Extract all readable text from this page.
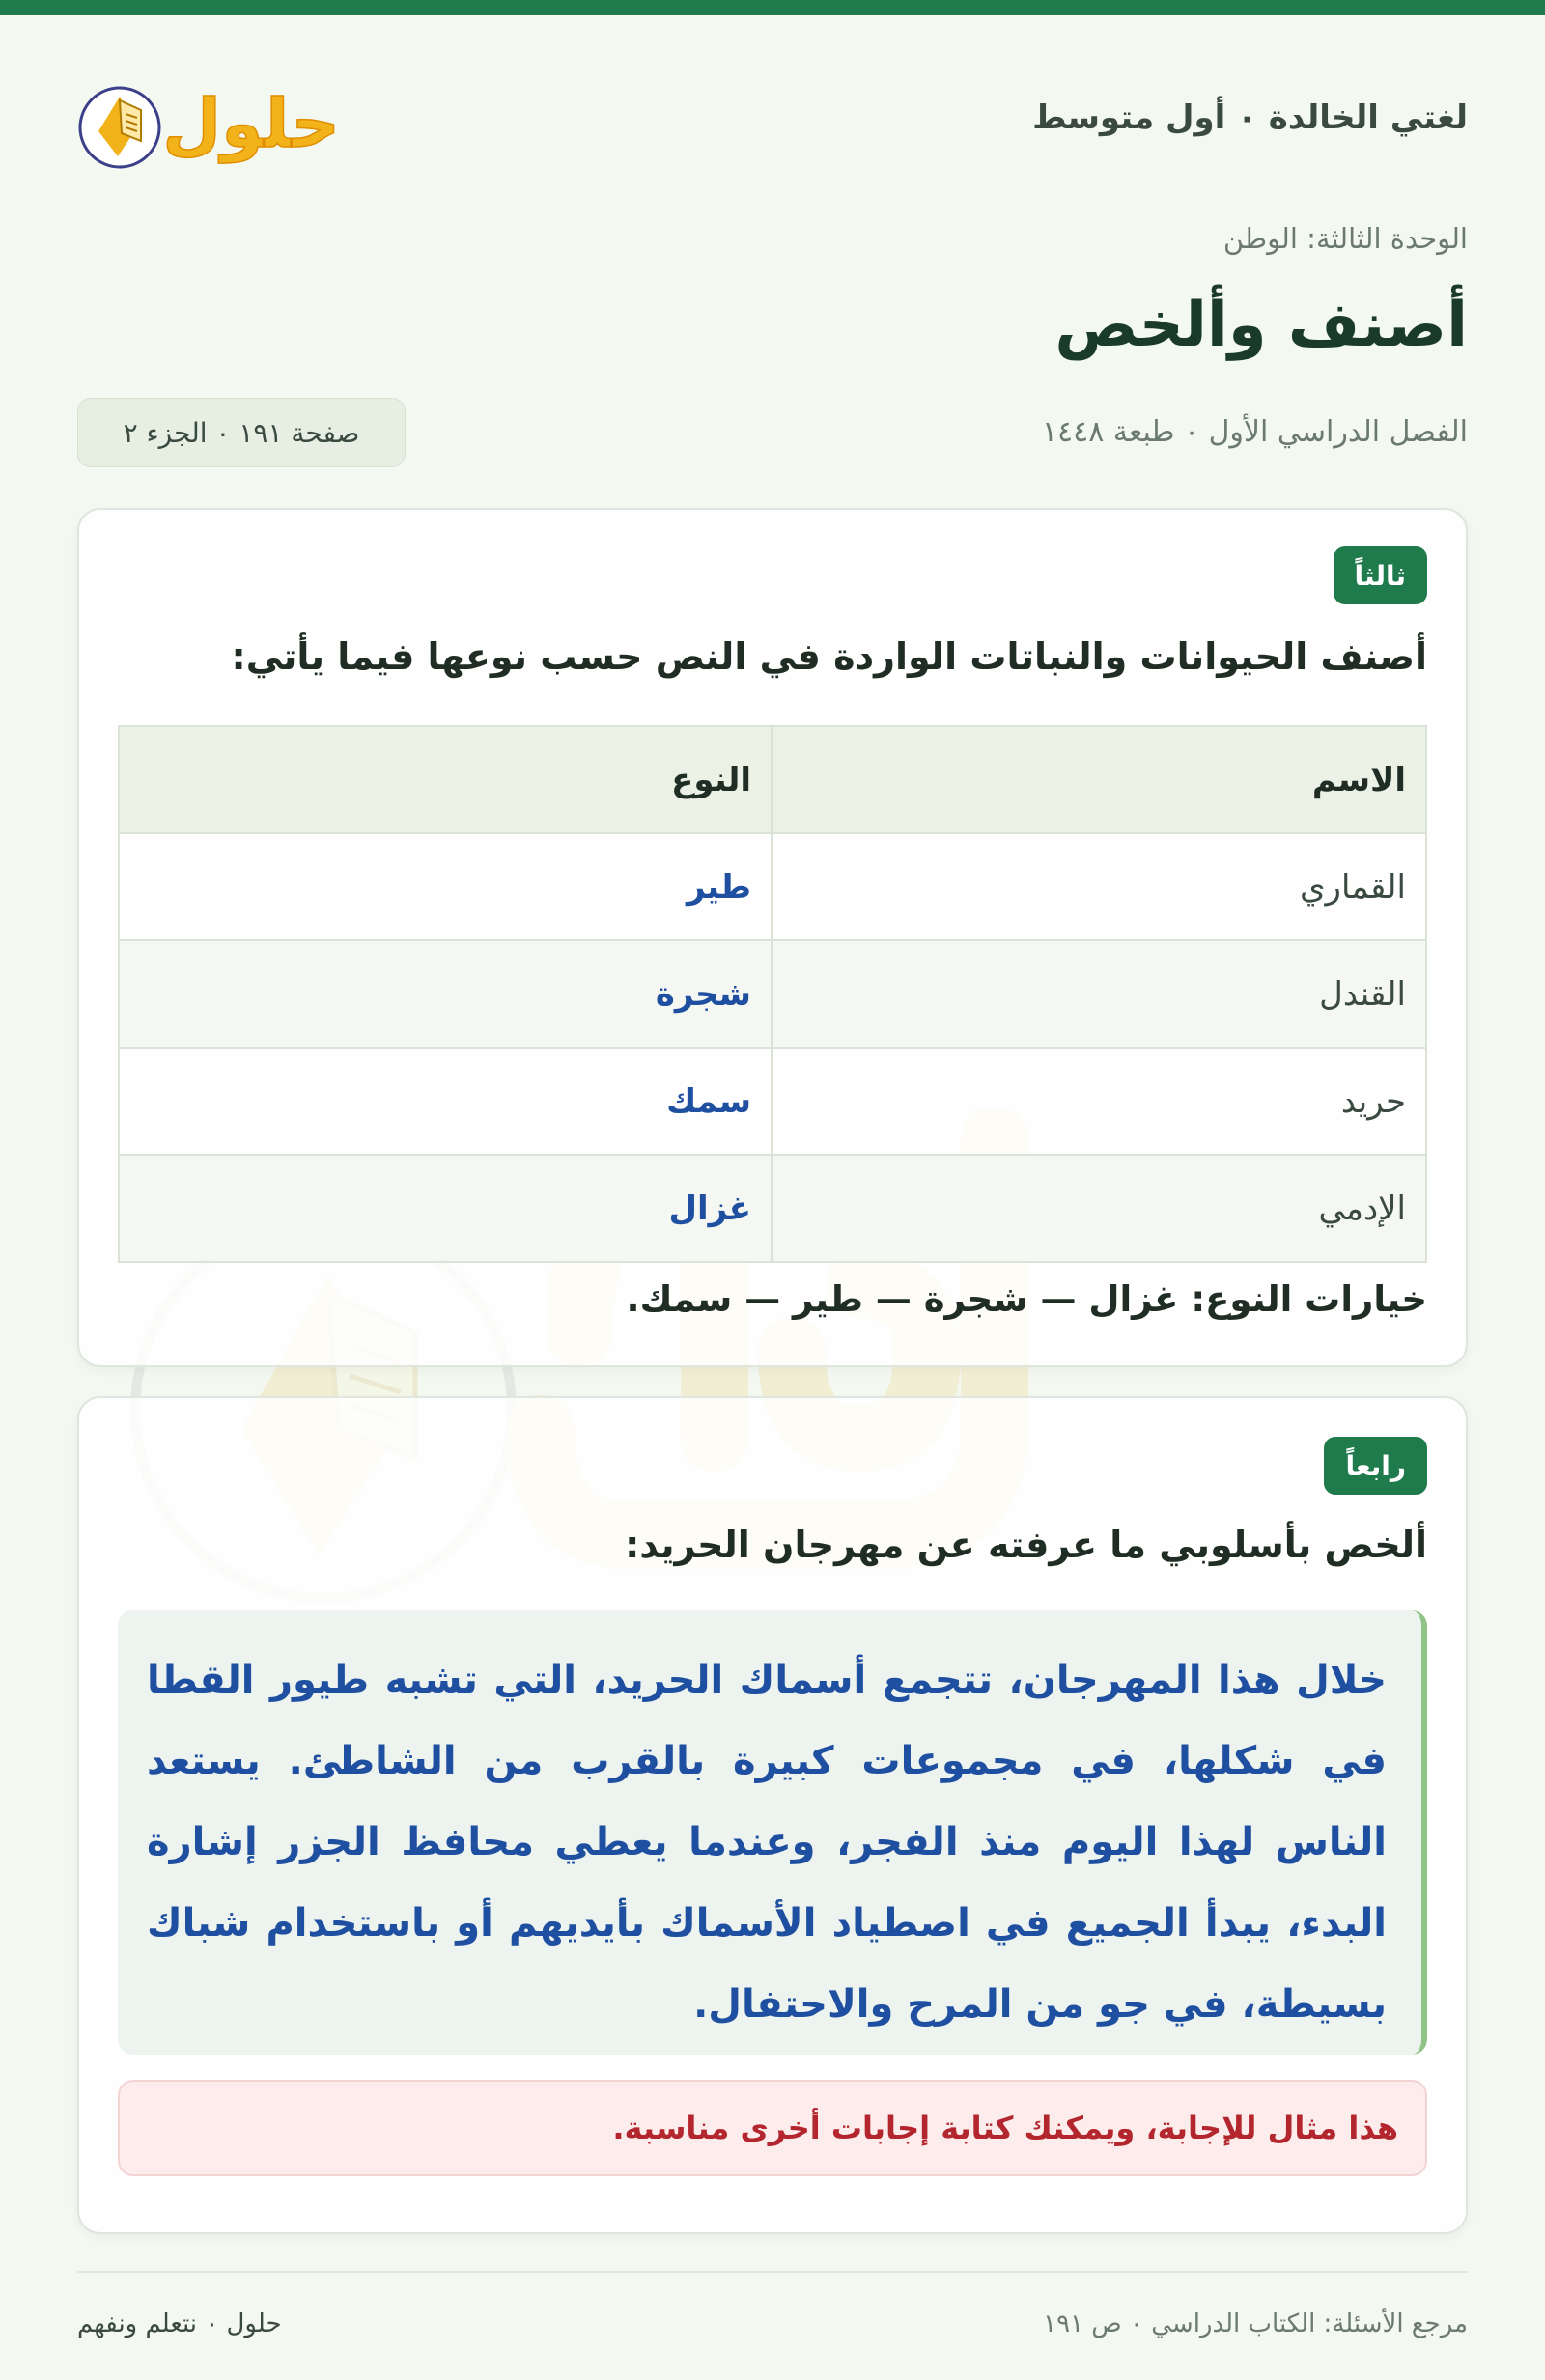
لغتي الخالدة ٠ أول متوسط
حلول
الوحدة الثالثة: الوطن
أصنف وألخص
الفصل الدراسي الأول ٠ طبعة ١٤٤٨
صفحة ١٩١ ٠ الجزء ٢
ثالثاً
أصنف الحيوانات والنباتات الواردة في النص حسب نوعها فيما يأتي:
الاسم	النوع
القماري	طير
القندل	شجرة
حريد	سمك
الإدمي	غزال
خيارات النوع: غزال — شجرة — طير — سمك.
رابعاً
ألخص بأسلوبي ما عرفته عن مهرجان الحريد:
خلال هذا المهرجان، تتجمع أسماك الحريد، التي تشبه طيور القطا في شكلها، في مجموعات كبيرة بالقرب من الشاطئ. يستعد الناس لهذا اليوم منذ الفجر، وعندما يعطي محافظ الجزر إشارة البدء، يبدأ الجميع في اصطياد الأسماك بأيديهم أو باستخدام شباك بسيطة، في جو من المرح والاحتفال.
هذا مثال للإجابة، ويمكنك كتابة إجابات أخرى مناسبة.
مرجع الأسئلة: الكتاب الدراسي ٠ ص ١٩١
حلول ٠ نتعلم ونفهم
